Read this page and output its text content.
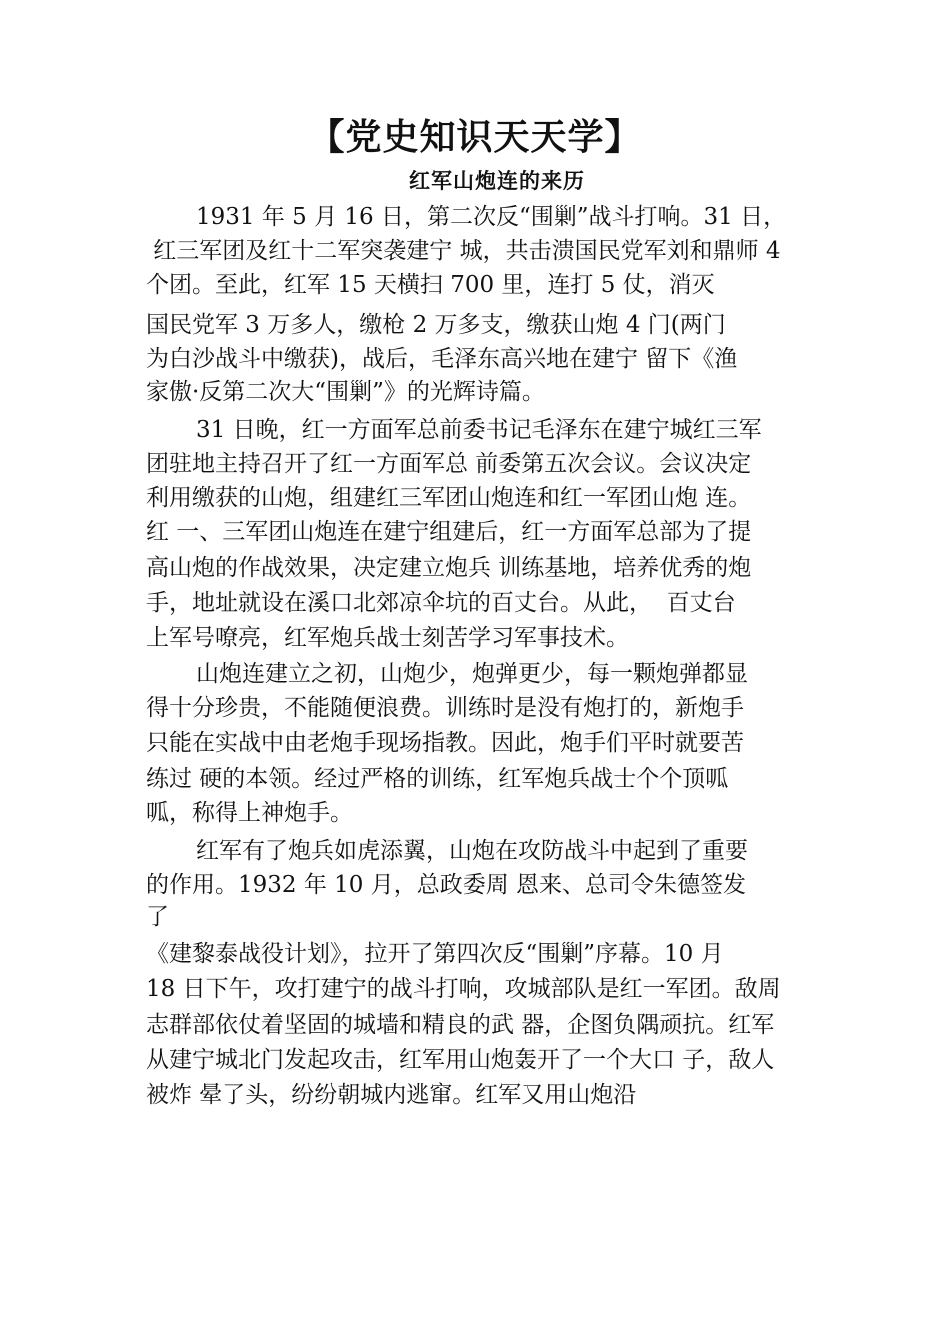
【党史知识天天学】
红军山炮连的来历
1931 年 5 月 16 日，第二次反“围剿”战斗打响。31 日，
红三军团及红十二军突袭建宁 城，共击溃国民党军刘和鼎师 4
个团。至此，红军 15 天横扫 700 里，连打 5 仗，消灭
国民党军 3 万多人，缴枪 2 万多支，缴获山炮 4 门(两门
为白沙战斗中缴获)，战后，毛泽东高兴地在建宁 留下《渔
家傲·反第二次大“围剿”》的光辉诗篇。
31 日晚，红一方面军总前委书记毛泽东在建宁城红三军
团驻地主持召开了红一方面军总 前委第五次会议。会议决定
利用缴获的山炮，组建红三军团山炮连和红一军团山炮 连。
红 一、三军团山炮连在建宁组建后，红一方面军总部为了提
高山炮的作战效果，决定建立炮兵 训练基地，培养优秀的炮
手，地址就设在溪口北郊凉伞坑的百丈台。从此，  百丈台
上军号嘹亮，红军炮兵战士刻苦学习军事技术。
山炮连建立之初，山炮少，炮弹更少，每一颗炮弹都显
得十分珍贵，不能随便浪费。训练时是没有炮打的，新炮手
只能在实战中由老炮手现场指教。因此，炮手们平时就要苦
练过 硬的本领。经过严格的训练，红军炮兵战士个个顶呱
呱，称得上神炮手。
红军有了炮兵如虎添翼，山炮在攻防战斗中起到了重要
的作用。1932 年 10 月，总政委周 恩来、总司令朱德签发
了
《建黎泰战役计划》，拉开了第四次反“围剿”序幕。10 月
18 日下午，攻打建宁的战斗打响，攻城部队是红一军团。敌周
志群部依仗着坚固的城墙和精良的武 器，企图负隅顽抗。红军
从建宁城北门发起攻击，红军用山炮轰开了一个大口 子，敌人
被炸 晕了头，纷纷朝城内逃窜。红军又用山炮沿
